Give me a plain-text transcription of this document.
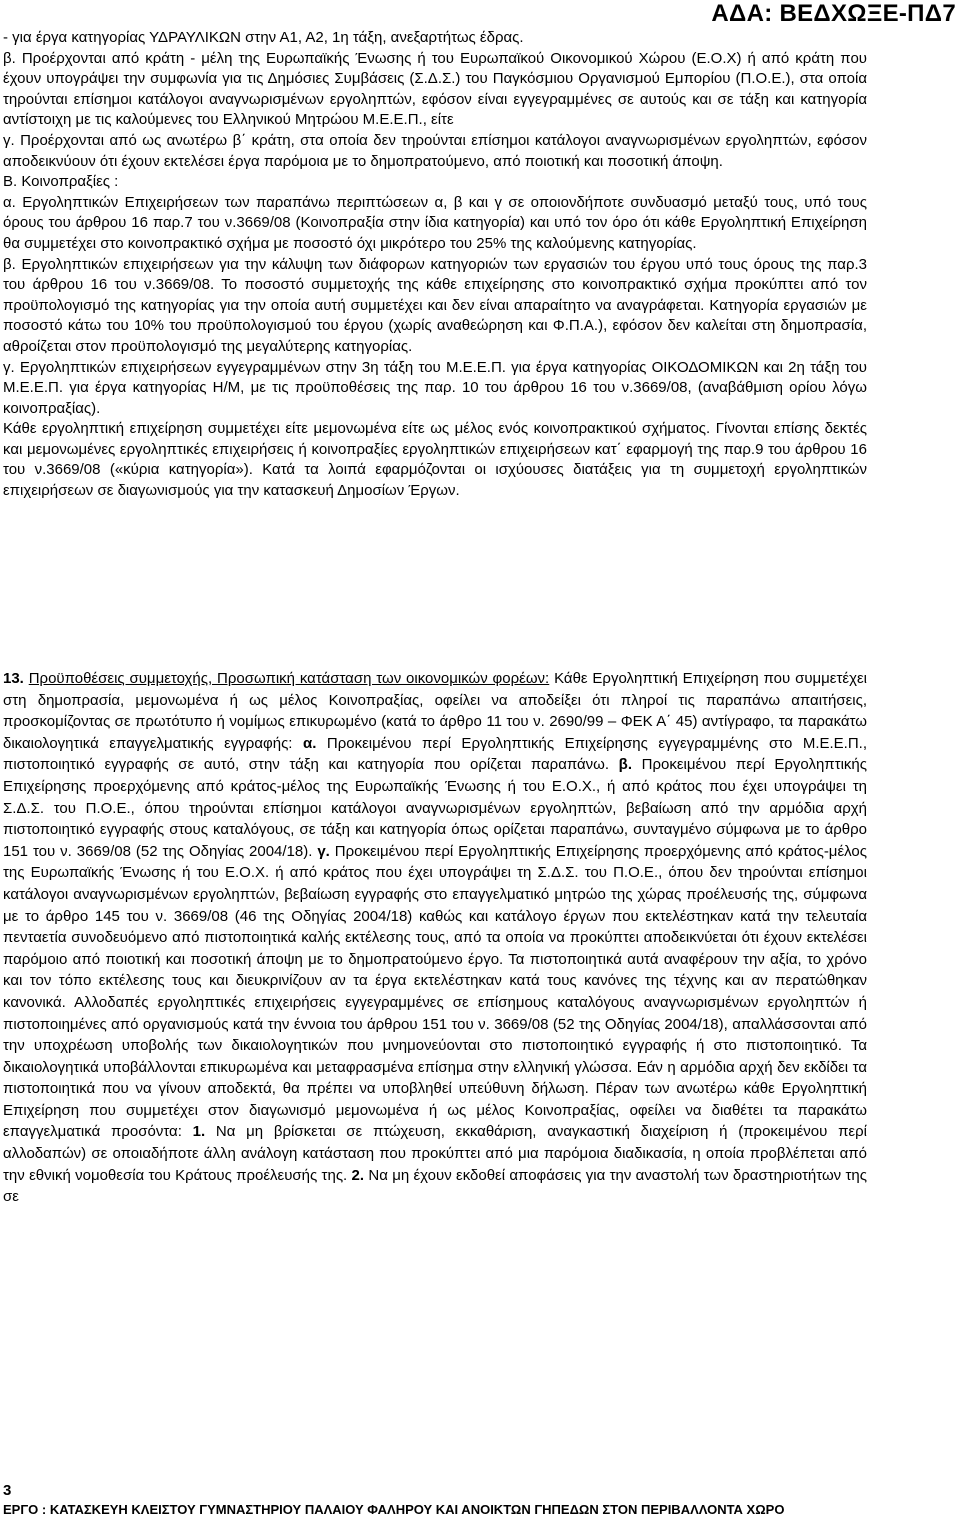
ΑΔΑ: ΒΕΔΧΩΞΕ-ΠΔ7

- για έργα κατηγορίας ΥΔΡΑΥΛΙΚΩΝ στην Α1, Α2, 1η τάξη, ανεξαρτήτως έδρας.

β. Προέρχονται από κράτη - μέλη της Ευρωπαϊκής Ένωσης ή του Ευρωπαϊκού Οικονομικού Χώρου (Ε.Ο.Χ) ή από κράτη που έχουν υπογράψει την συμφωνία για τις Δημόσιες Συμβάσεις (Σ.Δ.Σ.) του Παγκόσμιου Οργανισμού Εμπορίου (Π.Ο.Ε.), στα οποία τηρούνται επίσημοι κατάλογοι αναγνωρισμένων εργοληπτών, εφόσον είναι εγγεγραμμένες σε αυτούς και σε τάξη και κατηγορία αντίστοιχη με τις καλούμενες του Ελληνικού Μητρώου Μ.Ε.Ε.Π., είτε

γ. Προέρχονται από ως ανωτέρω β΄ κράτη, στα οποία δεν τηρούνται επίσημοι κατάλογοι αναγνωρισμένων εργοληπτών, εφόσον αποδεικνύουν ότι έχουν εκτελέσει έργα παρόμοια με το δημοπρατούμενο, από ποιοτική και ποσοτική άποψη.

Β. Κοινοπραξίες :

α. Εργοληπτικών Επιχειρήσεων των παραπάνω περιπτώσεων α, β και γ σε οποιονδήποτε συνδυασμό μεταξύ τους, υπό τους όρους του άρθρου 16 παρ.7 του ν.3669/08 (Κοινοπραξία στην ίδια κατηγορία) και υπό τον όρο ότι κάθε Εργοληπτική Επιχείρηση θα συμμετέχει στο κοινοπρακτικό σχήμα με ποσοστό όχι μικρότερο του 25% της καλούμενης κατηγορίας.

β. Εργοληπτικών επιχειρήσεων για την κάλυψη των διάφορων κατηγοριών των εργασιών του έργου υπό τους όρους της παρ.3 του άρθρου 16 του ν.3669/08. Το ποσοστό συμμετοχής της κάθε επιχείρησης στο κοινοπρακτικό σχήμα προκύπτει από τον προϋπολογισμό της κατηγορίας για την οποία αυτή συμμετέχει και δεν είναι απαραίτητο να αναγράφεται. Κατηγορία εργασιών με ποσοστό κάτω του 10% του προϋπολογισμού του έργου (χωρίς αναθεώρηση και Φ.Π.Α.), εφόσον δεν καλείται στη δημοπρασία, αθροίζεται στον προϋπολογισμό της μεγαλύτερης κατηγορίας.

γ. Εργοληπτικών επιχειρήσεων εγγεγραμμένων στην 3η τάξη του Μ.Ε.Ε.Π. για έργα κατηγορίας ΟΙΚΟΔΟΜΙΚΩΝ και 2η τάξη του Μ.Ε.Ε.Π. για έργα κατηγορίας Η/Μ, με τις προϋποθέσεις της παρ. 10 του άρθρου 16 του ν.3669/08, (αναβάθμιση ορίου λόγω κοινοπραξίας).

Κάθε εργοληπτική επιχείρηση συμμετέχει είτε μεμονωμένα είτε ως μέλος ενός κοινοπρακτικού σχήματος. Γίνονται επίσης δεκτές και μεμονωμένες εργοληπτικές επιχειρήσεις ή κοινοπραξίες εργοληπτικών επιχειρήσεων κατ΄ εφαρμογή της παρ.9 του άρθρου 16 του ν.3669/08 («κύρια κατηγορία»). Κατά τα λοιπά εφαρμόζονται οι ισχύουσες διατάξεις για τη συμμετοχή εργοληπτικών επιχειρήσεων σε διαγωνισμούς για την κατασκευή Δημοσίων Έργων.

13. Προϋποθέσεις συμμετοχής, Προσωπική κατάσταση των οικονομικών φορέων: Κάθε Εργοληπτική Επιχείρηση που συμμετέχει στη δημοπρασία, μεμονωμένα ή ως μέλος Κοινοπραξίας, οφείλει να αποδείξει ότι πληροί τις παραπάνω απαιτήσεις, προσκομίζοντας σε πρωτότυπο ή νομίμως επικυρωμένο (κατά το άρθρο 11 του ν. 2690/99 – ΦΕΚ Α΄ 45) αντίγραφο, τα παρακάτω δικαιολογητικά επαγγελματικής εγγραφής: α. Προκειμένου περί Εργοληπτικής Επιχείρησης εγγεγραμμένης στο Μ.Ε.Ε.Π., πιστοποιητικό εγγραφής σε αυτό, στην τάξη και κατηγορία που ορίζεται παραπάνω. β. Προκειμένου περί Εργοληπτικής Επιχείρησης προερχόμενης από κράτος-μέλος της Ευρωπαϊκής Ένωσης ή του Ε.Ο.Χ., ή από κράτος που έχει υπογράψει τη Σ.Δ.Σ. του Π.Ο.Ε., όπου τηρούνται επίσημοι κατάλογοι αναγνωρισμένων εργοληπτών, βεβαίωση από την αρμόδια αρχή πιστοποιητικό εγγραφής στους καταλόγους, σε τάξη και κατηγορία όπως ορίζεται παραπάνω, συνταγμένο σύμφωνα με το άρθρο 151 του ν. 3669/08 (52 της Οδηγίας 2004/18). γ. Προκειμένου περί Εργοληπτικής Επιχείρησης προερχόμενης από κράτος-μέλος της Ευρωπαϊκής Ένωσης ή του Ε.Ο.Χ. ή από κράτος που έχει υπογράψει τη Σ.Δ.Σ. του Π.Ο.Ε., όπου δεν τηρούνται επίσημοι κατάλογοι αναγνωρισμένων εργοληπτών, βεβαίωση εγγραφής στο επαγγελματικό μητρώο της χώρας προέλευσής της, σύμφωνα με το άρθρο 145 του ν. 3669/08 (46 της Οδηγίας 2004/18) καθώς και κατάλογο έργων που εκτελέστηκαν κατά την τελευταία πενταετία συνοδευόμενο από πιστοποιητικά καλής εκτέλεσης τους, από τα οποία να προκύπτει αποδεικνύεται ότι έχουν εκτελέσει παρόμοιο από ποιοτική και ποσοτική άποψη με το δημοπρατούμενο έργο. Τα πιστοποιητικά αυτά αναφέρουν την αξία, το χρόνο και τον τόπο εκτέλεσης τους και διευκρινίζουν αν τα έργα εκτελέστηκαν κατά τους κανόνες της τέχνης και αν περατώθηκαν κανονικά. Αλλοδαπές εργοληπτικές επιχειρήσεις εγγεγραμμένες σε επίσημους καταλόγους αναγνωρισμένων εργοληπτών ή πιστοποιημένες από οργανισμούς κατά την έννοια του άρθρου 151 του ν. 3669/08 (52 της Οδηγίας 2004/18), απαλλάσσονται από την υποχρέωση υποβολής των δικαιολογητικών που μνημονεύονται στο πιστοποιητικό εγγραφής ή στο πιστοποιητικό. Τα δικαιολογητικά υποβάλλονται επικυρωμένα και μεταφρασμένα επίσημα στην ελληνική γλώσσα. Εάν η αρμόδια αρχή δεν εκδίδει τα πιστοποιητικά που να γίνουν αποδεκτά, θα πρέπει να υποβληθεί υπεύθυνη δήλωση. Πέραν των ανωτέρω κάθε Εργοληπτική Επιχείρηση που συμμετέχει στον διαγωνισμό μεμονωμένα ή ως μέλος Κοινοπραξίας, οφείλει να διαθέτει τα παρακάτω επαγγελματικά προσόντα: 1. Να μη βρίσκεται σε πτώχευση, εκκαθάριση, αναγκαστική διαχείριση ή (προκειμένου περί αλλοδαπών) σε οποιαδήποτε άλλη ανάλογη κατάσταση που προκύπτει από μια παρόμοια διαδικασία, η οποία προβλέπεται από την εθνική νομοθεσία του Κράτους προέλευσής της. 2. Να μη έχουν εκδοθεί αποφάσεις για την αναστολή των δραστηριοτήτων της σε

3
ΕΡΓΟ : ΚΑΤΑΣΚΕΥΗ ΚΛΕΙΣΤΟΥ ΓΥΜΝΑΣΤΗΡΙΟΥ ΠΑΛΑΙΟΥ ΦΑΛΗΡΟΥ ΚΑΙ ΑΝΟΙΚΤΩΝ ΓΗΠΕΔΩΝ ΣΤΟΝ ΠΕΡΙΒΑΛΛΟΝΤΑ ΧΩΡΟ
